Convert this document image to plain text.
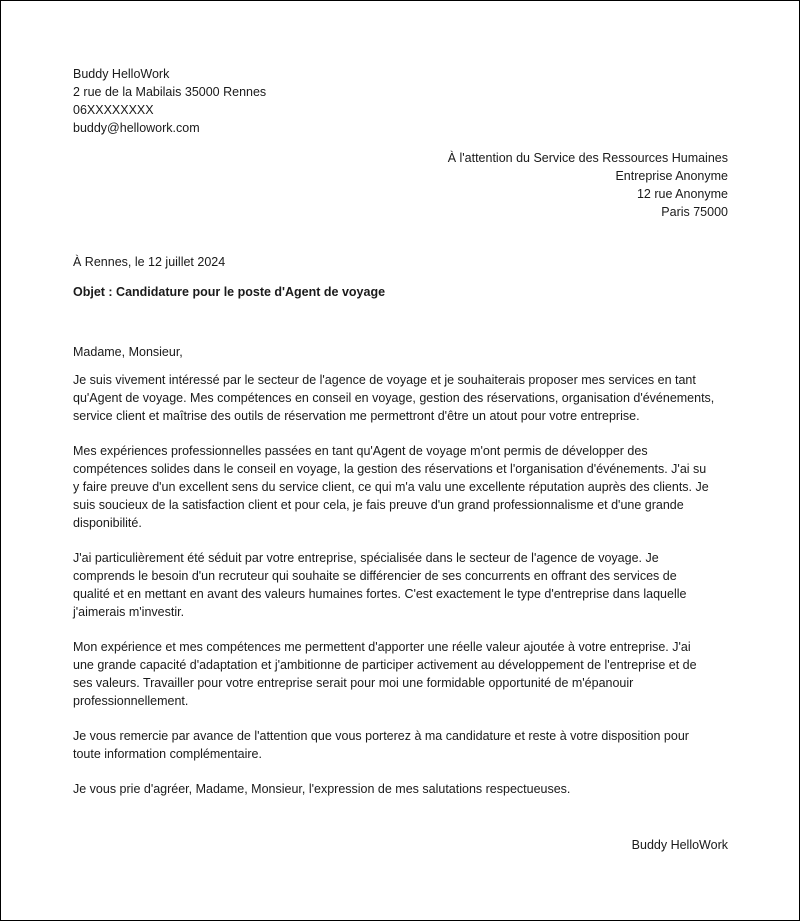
Buddy HelloWork
2 rue de la Mabilais 35000 Rennes
06XXXXXXXX
buddy@hellowork.com
À l'attention du Service des Ressources Humaines
Entreprise Anonyme
12 rue Anonyme
Paris 75000
À Rennes, le 12 juillet 2024
Objet : Candidature pour le poste d'Agent de voyage
Madame, Monsieur,

Je suis vivement intéressé par le secteur de l'agence de voyage et je souhaiterais proposer mes services en tant
qu'Agent de voyage. Mes compétences en conseil en voyage, gestion des réservations, organisation d'événements,
service client et maîtrise des outils de réservation me permettront d'être un atout pour votre entreprise.

Mes expériences professionnelles passées en tant qu'Agent de voyage m'ont permis de développer des
compétences solides dans le conseil en voyage, la gestion des réservations et l'organisation d'événements. J'ai su
y faire preuve d'un excellent sens du service client, ce qui m'a valu une excellente réputation auprès des clients. Je
suis soucieux de la satisfaction client et pour cela, je fais preuve d'un grand professionnalisme et d'une grande
disponibilité.

J'ai particulièrement été séduit par votre entreprise, spécialisée dans le secteur de l'agence de voyage. Je
comprends le besoin d'un recruteur qui souhaite se différencier de ses concurrents en offrant des services de
qualité et en mettant en avant des valeurs humaines fortes. C'est exactement le type d'entreprise dans laquelle
j'aimerais m'investir.

Mon expérience et mes compétences me permettent d'apporter une réelle valeur ajoutée à votre entreprise. J'ai
une grande capacité d'adaptation et j'ambitionne de participer activement au développement de l'entreprise et de
ses valeurs. Travailler pour votre entreprise serait pour moi une formidable opportunité de m'épanouir
professionnellement.

Je vous remercie par avance de l'attention que vous porterez à ma candidature et reste à votre disposition pour
toute information complémentaire.

Je vous prie d'agréer, Madame, Monsieur, l'expression de mes salutations respectueuses.

Buddy HelloWork
